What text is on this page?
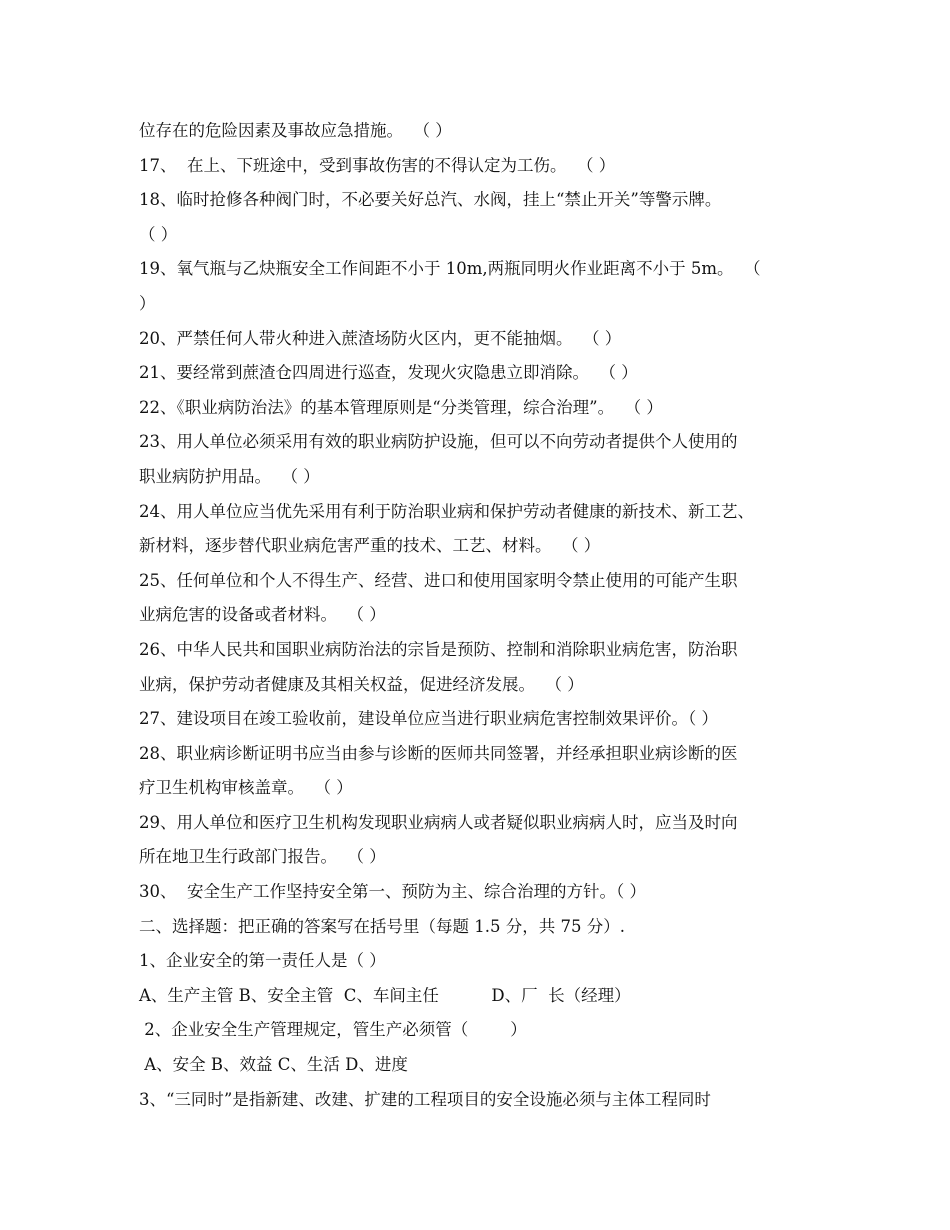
位存在的危险因素及事故应急措施。  （ ）
17、  在上、下班途中，受到事故伤害的不得认定为工伤。  （ ）
18、临时抢修各种阀门时，不必要关好总汽、水阀，挂上“禁止开关”等警示牌。
（ ）
19、氧气瓶与乙炔瓶安全工作间距不小于 10m,两瓶同明火作业距离不小于 5m。  （
）
20、严禁任何人带火种进入蔗渣场防火区内，更不能抽烟。  （ ）
21、要经常到蔗渣仓四周进行巡查，发现火灾隐患立即消除。  （ ）
22、《职业病防治法》的基本管理原则是“分类管理，综合治理”。  （ ）
23、用人单位必须采用有效的职业病防护设施，但可以不向劳动者提供个人使用的
职业病防护用品。  （ ）
24、用人单位应当优先采用有利于防治职业病和保护劳动者健康的新技术、新工艺、
新材料，逐步替代职业病危害严重的技术、工艺、材料。  （ ）
25、任何单位和个人不得生产、经营、进口和使用国家明令禁止使用的可能产生职
业病危害的设备或者材料。  （ ）
26、中华人民共和国职业病防治法的宗旨是预防、控制和消除职业病危害，防治职
业病，保护劳动者健康及其相关权益，促进经济发展。  （ ）
27、建设项目在竣工验收前，建设单位应当进行职业病危害控制效果评价。（ ）
28、职业病诊断证明书应当由参与诊断的医师共同签署，并经承担职业病诊断的医
疗卫生机构审核盖章。  （ ）
29、用人单位和医疗卫生机构发现职业病病人或者疑似职业病病人时，应当及时向
所在地卫生行政部门报告。  （ ）
30、  安全生产工作坚持安全第一、预防为主、综合治理的方针。（ ）
二、选择题：把正确的答案写在括号里（每题 1.5 分，共 75 分）.
1、企业安全的第一责任人是（ ）
A、生产主管 B、安全主管  C、车间主任          D、厂  长（经理）
2、企业安全生产管理规定，管生产必须管（        ）
A、安全 B、效益 C、生活 D、进度
3、“三同时”是指新建、改建、扩建的工程项目的安全设施必须与主体工程同时
